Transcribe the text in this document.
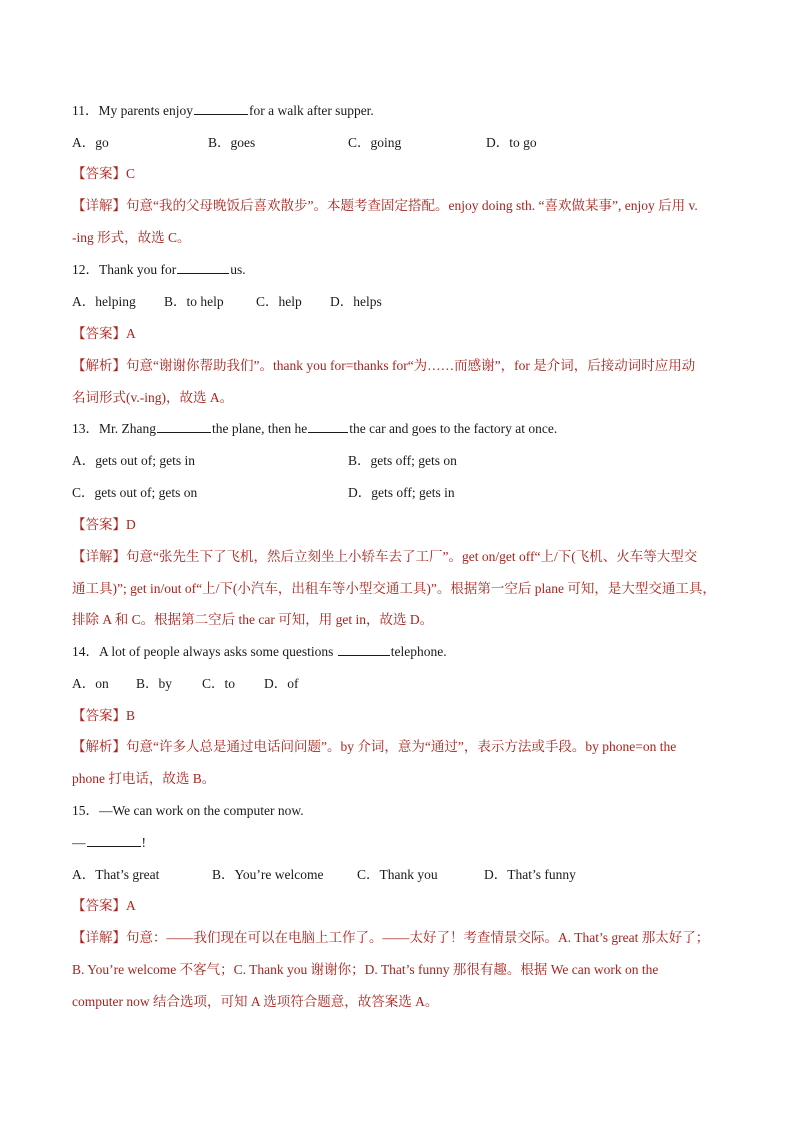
11．My parents enjoy	for a walk after supper.
A．go	B．goes	C．going	D．to go
【答案】C
【详解】句意“我的父母晚饭后喜欢散步”。本题考查固定搭配。enjoy doing sth. “喜欢做某事”, enjoy 后用 v.
-ing 形式，故选 C。
12．Thank you for	us.
A．helping B．to help C．help D．helps
【答案】A
【解析】句意“谢谢你帮助我们”。thank you for=thanks for“为……而感谢”，for 是介词，后接动词时应用动
名词形式(v.-ing)，故选 A。
13．Mr. Zhang	the plane, then he	the car and goes to the factory at once.
A．gets out of; gets in	B．gets off; gets on
C．gets out of; gets on	D．gets off; gets in
【答案】D
【详解】句意“张先生下了飞机，然后立刻坐上小轿车去了工厂”。get on/get off“上/下(飞机、火车等大型交
通工具)”; get in/out of“上/下(小汽车，出租车等小型交通工具)”。根据第一空后 plane 可知，是大型交通工具，
排除 A 和 C。根据第二空后 the car 可知，用 get in，故选 D。
14．A lot of people always asks some questions	telephone.
A．on B．by C．to D．of
【答案】B
【解析】句意“许多人总是通过电话问问题”。by 介词，意为“通过”，表示方法或手段。by phone=on the
phone 打电话，故选 B。
15．—We can work on the computer now.
—	!
A．That’s great	B．You’re welcome C．Thank you	D．That’s funny
【答案】A
【详解】句意：——我们现在可以在电脑上工作了。——太好了！考查情景交际。A. That’s great 那太好了；
B. You’re welcome 不客气；C. Thank you 谢谢你；D. That’s funny 那很有趣。根据 We can work on the
computer now 结合选项，可知 A 选项符合题意，故答案选 A。
